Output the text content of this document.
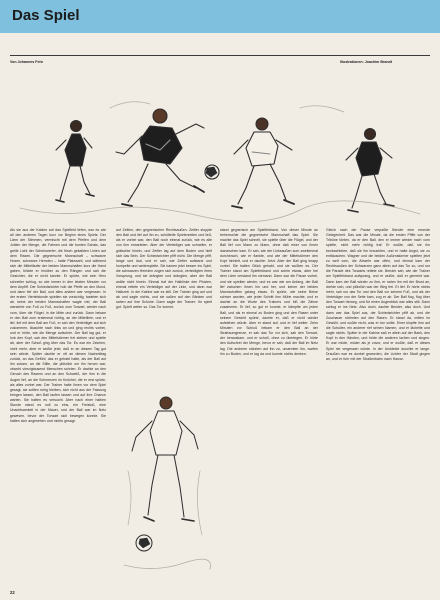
Das Spiel
Von Johannes Fehr	Illustrationen: Joachim Brandt
Als sie aus der Kabine auf das Spielfeld liefen, war es wie all den anderen Tagen kurz vor Beginn eines Spiels: Der Lärm der Stimmen, vermischt mit dem Pfeifen und dem Johlen der Menge, die Fahnen und die bunten Schals, das grelle Licht der Scheinwerfer, die frisch gekalkten Linien auf dem Rasen. Die gegnerische Mannschaft – schwarze Hosen, schwarze Hemden – hatte Platzwahl, und während sich die Mittelläufer der beiden Mannschaften kurz die Hand gaben, blickte er hinüber zu den Rängen und sah die Gesichter, die er nicht kannte. Er spürte, wie sein Herz schneller schlug, so wie immer in den letzten Minuten vor dem Anpfiff. Der Schiedsrichter hob die Pfeife an den Mund, und dann lief der Ball, und alles andere war vergessen. In der ersten Viertelstunde spielten sie vorsichtig, tasteten sich ab, keine der beiden Mannschaften wagte viel, der Ball wanderte von Fuß zu Fuß, zurück zum Torwart, wieder nach vorn, über die Flügel, in die Mitte und zurück. Dann bekam er den Ball zum erstenmal richtig, an der Mittellinie, und er lief, lief mit dem Ball am Fuß, er sah den Verteidiger auf sich zukommen, täuschte nach links an und ging rechts vorbei, und er hörte, wie die Menge aufschrie. Der Ball lag gut, er hob den Kopf, sah den Mittelstürmer frei stehen und spielte ab, aber der Schuß ging über das Tor. Es war ein Zeichen, nicht mehr, aber er wußte jetzt, daß er an diesem Tag gut sein würde. Später dachte er oft an diesen Nachmittag zurück, an das Gefühl, das er gehabt hatte, als der Ball auf ihn zukam, an die Stille, die plötzlich um ihn herum war, obwohl vierzigtausend Menschen schrien. Er dachte an den Geruch des Rasens und an den Schweiß, der ihm in die Augen lief, an die Schmerzen im Knöchel, die er erst spürte, als alles vorbei war. Der Trainer hatte ihnen vor dem Spiel gesagt, sie sollten ruhig bleiben, sich nicht aus der Fassung bringen lassen, den Ball laufen lassen und auf ihre Chance warten. Sie hatten es versucht. Aber nach einer halben Stunde stand es null zu eins, ein Freistoß, eine Unachtsamkeit in der Mauer, und der Ball war im Netz gewesen, bevor der Torwart sich bewegen konnte. Sie hatten sich angesehen und nichts gesagt.
auf Zeitlen, den gegnerischen Rechtsaußen. Zeitler stoppte den Ball und lief auf ihn zu, schüttelte Spielerzeiten und ließ, als er vorbei war, den Ball noch einmal zurück, wie es alle von ihm erwarteten. Aber der Verteidiger war schneller, er grätschte hinein, und Zeitler lag auf dem Boden und hielt sich das Bein. Der Schiedsrichter pfiff nicht. Die Menge pfiff, lange und laut, und er sah, wie Zeitler aufstand und humpelte und weiterspielte. Sie kamen jetzt besser ins Spiel, die schwarzen Hemden zogen sich zurück, verteidigten ihren Vorsprung, und sie drängten und drängten, aber der Ball wollte nicht hinein. Einmal traf der Halblinke den Pfosten, einmal rettete ein Verteidiger auf der Linie, und dann war Halbzeit. In der Kabine war es still. Der Trainer ging auf und ab und sagte nichts, und sie saßen auf den Bänken und sahen auf ihre Schuhe. Dann sagte der Trainer: Ihr spielt gut. Spielt weiter so. Das Tor kommt.
stand gegnerisch am Spielfeldrand. Von dieser Minute an beherrschte die gegnerische Mannschaft das Spiel. Sie machte das Spiel schnell, sie spielte über die Flügel, und der Ball lief von Mann zu Mann, ohne daß einer von ihnen dazwischen kam. Er sah, wie der Linksaußen zum zweitenmal durchbrach, wie er flankte, und wie der Mittelstürmer den Kopf hinhielt, und er dachte: Jetzt. Aber der Ball ging knapp vorbei. Sie hatten Glück gehabt, und sie wußten es. Der Trainer stand am Spielfeldrand und schrie etwas, aber bei dem Lärm verstand ihn niemand. Dann war die Pause vorbei, und sie spielten wieder, und es war wie am Anfang, der Ball lief zwischen ihnen hin und her, und keiner der beiden Mannschaften gelang etwas. Er spürte, wie seine Beine schwer wurden, wie jeder Schritt ihm Mühe machte, und er dachte an die Worte des Trainers und biß die Zähne zusammen. Er lief, so gut er konnte, er kämpfte um jeden Ball, und als er einmal zu Boden ging und den Rasen unter seinem Gesicht spürte, dachte er, daß er nicht wieder aufstehen würde. Aber er stand auf, und er lief weiter. Zehn Minuten vor Schluß bekam er den Ball an der Strafraumgrenze, er sah das Tor vor sich, sah den Torwart, der herauskam, und er schoß, ohne zu überlegen. Er hörte den Aufschrei der Menge, bevor er sah, daß der Ball im Netz lag. Die anderen stürzten auf ihn zu, umarmten ihn, warfen ihn zu Boden, und er lag da und konnte nichts denken.
Gleich nach der Pause verpaßte Bender eine erneute Gelegenheit. Das war die Minute, da die ersten Pfiffe von der Tribüne tönten, da er den Ball, den er immer wieder nach vorn spielte, nicht mehr richtig traf. Er wußte, daß sie ihn beobachteten, daß sie ihn brauchten, und er hatte Angst, sie zu enttäuschen. Wagner und die beiden Außenstürmer spielten jetzt zu weit vorn, die Abwehr war offen, und einmal kam der Rechtsaußen der Schwarzen ganz allein auf das Tor zu, und nur die Parade des Torwarts rettete sie. Bender sah, wie der Trainer am Spielfeldrand aufsprang, und er wußte, daß er gemeint war. Dann kam der Ball wieder zu ihm, er nahm ihn mit der Brust an, drehte sich, und plötzlich war der Weg frei. Er lief. Er hörte nichts mehr, sah nur das Tor und den Ball vor seinem Fuß, und als der Verteidiger von der Seite kam, zog er ab. Der Ball flog, flog über den Torwart hinweg, und für einen Augenblick war alles still. Dann schlug er ins Netz. Also doch, dachte Bender, also doch. Und dann war das Spiel aus, der Schiedsrichter pfiff ab, und die Zuschauer strömten auf den Rasen. Er stand da, mitten im Gewühl, und wußte nicht, was er tun sollte. Einer klopfte ihm auf die Schulter, ein anderer rief seinen Namen, und er lächelte und sagte nichts. Später in der Kabine saß er allein auf der Bank, den Kopf in den Händen, und hörte die anderen lachen und singen. Er war müde, müder als je zuvor, und er wußte, daß er dieses Spiel nie vergessen würde. In der Umkleide duschte er lange. Draußen war es dunkel geworden, die Lichter der Stadt gingen an, und er fuhr mit der Straßenbahn nach Hause.
22
